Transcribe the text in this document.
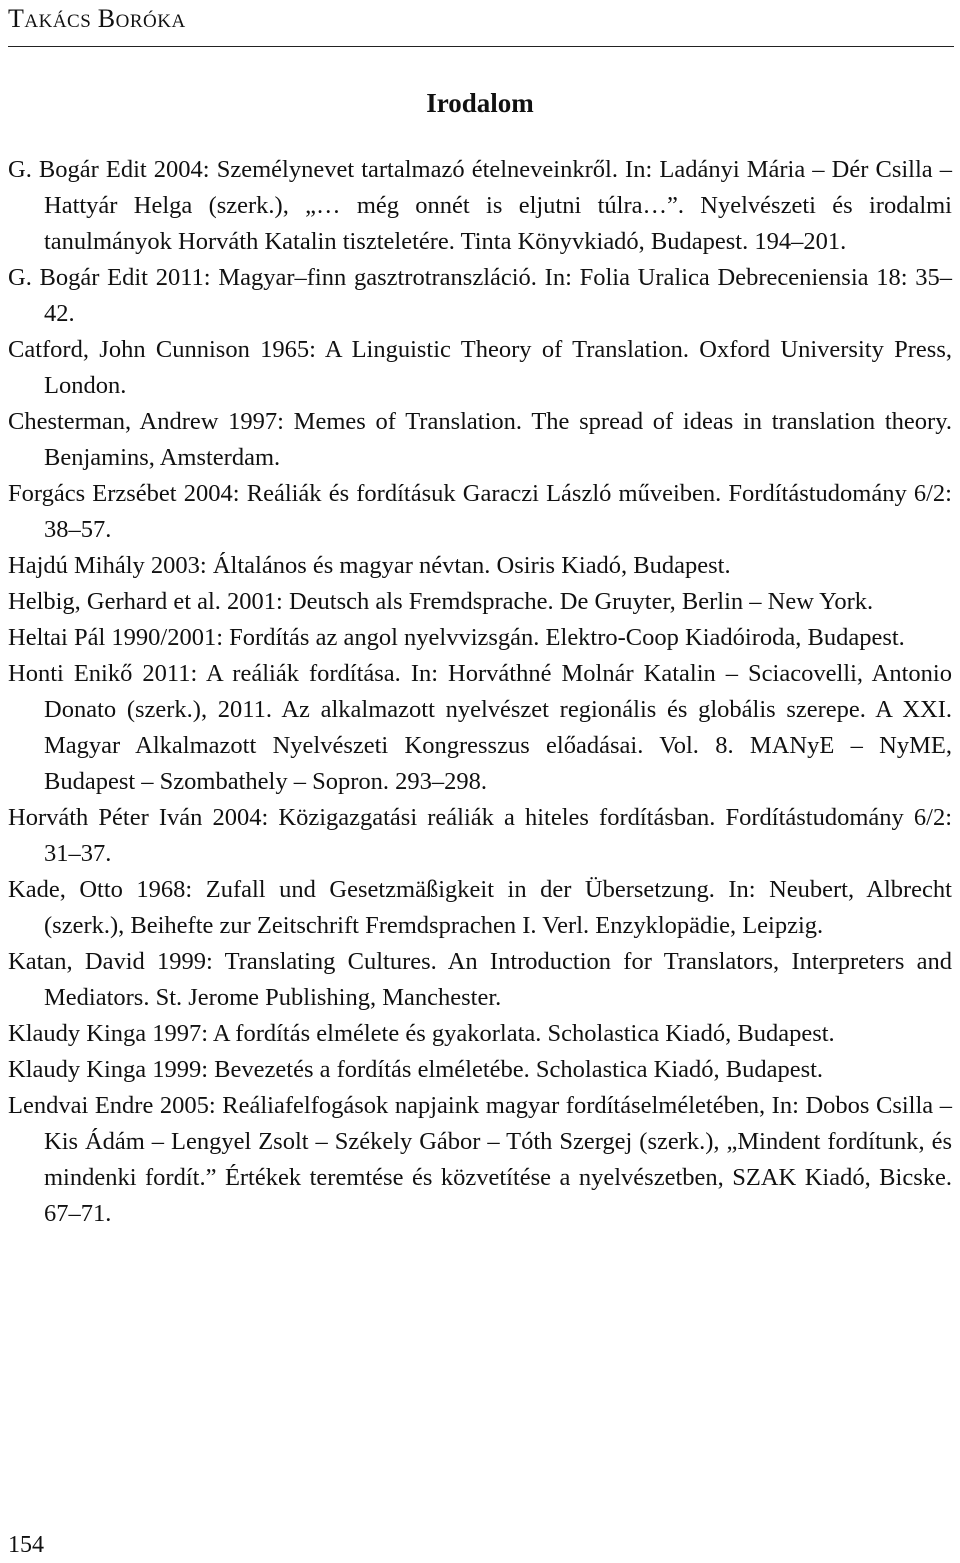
TAKÁCS BORÓKA
Irodalom
G. Bogár Edit 2004: Személynevet tartalmazó ételneveinkről. In: Ladányi Mária – Dér Csilla – Hattyár Helga (szerk.), „… még onnét is eljutni túlra…”. Nyelvészeti és irodalmi tanulmányok Horváth Katalin tiszteletére. Tinta Könyvkiadó, Budapest. 194–201.
G. Bogár Edit 2011: Magyar–finn gasztrotranszláció. In: Folia Uralica Debreceniensia 18: 35–42.
Catford, John Cunnison 1965: A Linguistic Theory of Translation. Oxford University Press, London.
Chesterman, Andrew 1997: Memes of Translation. The spread of ideas in translation theory. Benjamins, Amsterdam.
Forgács Erzsébet 2004: Reáliák és fordításuk Garaczi László műveiben. Fordítástudomány 6/2: 38–57.
Hajdú Mihály 2003: Általános és magyar névtan. Osiris Kiadó, Budapest.
Helbig, Gerhard et al. 2001: Deutsch als Fremdsprache. De Gruyter, Berlin – New York.
Heltai Pál 1990/2001: Fordítás az angol nyelvvizsgán. Elektro-Coop Kiadóiroda, Budapest.
Honti Enikő 2011: A reáliák fordítása. In: Horváthné Molnár Katalin – Sciacovelli, Antonio Donato (szerk.), 2011. Az alkalmazott nyelvészet regionális és globális szerepe. A XXI. Magyar Alkalmazott Nyelvészeti Kongresszus előadásai. Vol. 8. MANyE – NyME, Budapest – Szombathely – Sopron. 293–298.
Horváth Péter Iván 2004: Közigazgatási reáliák a hiteles fordításban. Fordítástudomány 6/2: 31–37.
Kade, Otto 1968: Zufall und Gesetzmäßigkeit in der Übersetzung. In: Neubert, Albrecht (szerk.), Beihefte zur Zeitschrift Fremdsprachen I. Verl. Enzyklopädie, Leipzig.
Katan, David 1999: Translating Cultures. An Introduction for Translators, Interpreters and Mediators. St. Jerome Publishing, Manchester.
Klaudy Kinga 1997: A fordítás elmélete és gyakorlata. Scholastica Kiadó, Budapest.
Klaudy Kinga 1999: Bevezetés a fordítás elméletébe. Scholastica Kiadó, Budapest.
Lendvai Endre 2005: Reáliafelfogások napjaink magyar fordításelméletében, In: Dobos Csilla – Kis Ádám – Lengyel Zsolt – Székely Gábor – Tóth Szergej (szerk.), „Mindent fordítunk, és mindenki fordít.” Értékek teremtése és közvetítése a nyelvészetben, SZAK Kiadó, Bicske. 67–71.
154
